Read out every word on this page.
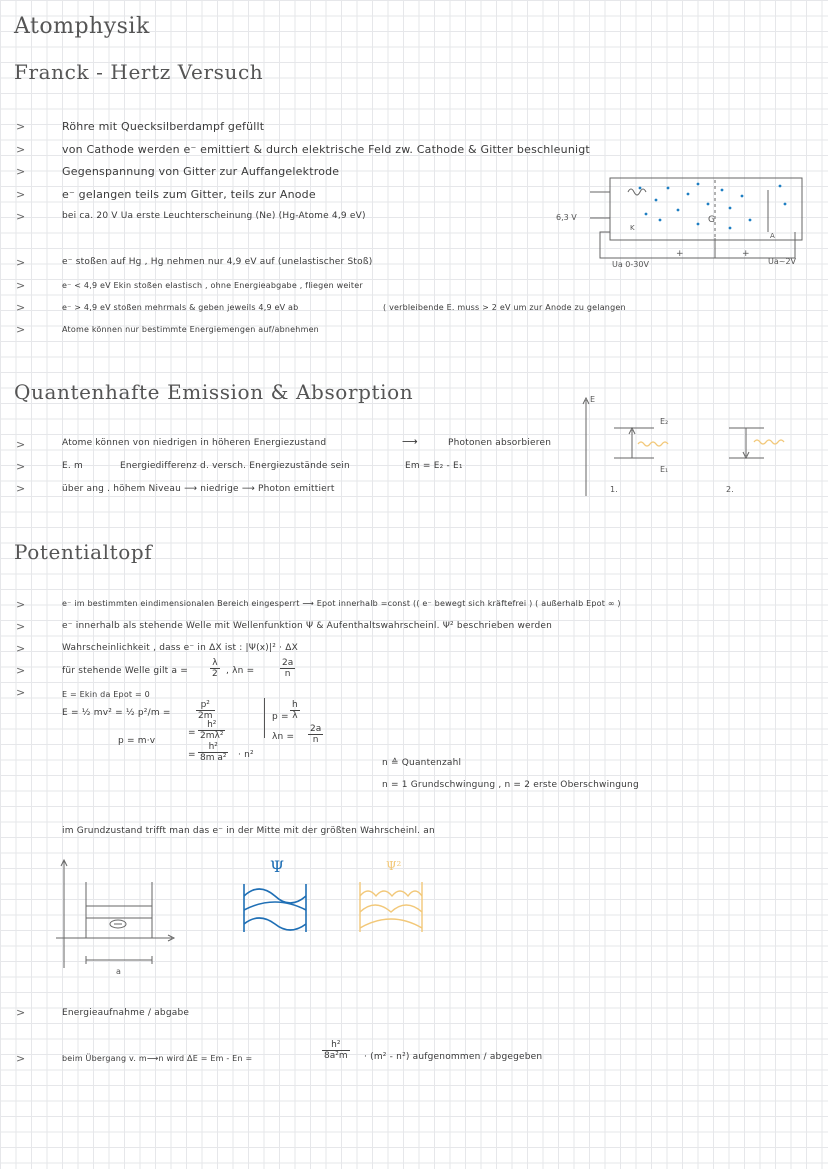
Atomphysik
Franck - Hertz Versuch
>
>
>
>
>
>
>
>
>
Röhre mit Quecksilberdampf gefüllt
von Cathode werden e⁻ emittiert & durch elektrische Feld zw. Cathode & Gitter beschleunigt
Gegenspannung von Gitter zur Auffangelektrode
e⁻ gelangen teils zum Gitter, teils zur Anode
bei ca. 20 V Ua erste Leuchterscheinung (Ne) (Hg-Atome 4,9 eV)
e⁻ stoßen auf Hg , Hg nehmen nur 4,9 eV auf (unelastischer Stoß)
e⁻ < 4,9 eV Ekin stoßen elastisch , ohne Energieabgabe , fliegen weiter
e⁻ > 4,9 eV stoßen mehrmals & geben jeweils 4,9 eV ab	( verbleibende E. muss > 2 eV um zur Anode zu gelangen
Atome können nur bestimmte Energiemengen auf/abnehmen
6,3 V
K
G
A
Ua 0-30V
+	+
Ua~2V
Quantenhafte Emission & Absorption
>
>
>
Atome können von niedrigen in höheren Energiezustand	⟶	Photonen absorbieren
E. m	Energiedifferenz d. versch. Energiezustände sein	Em = E₂ - E₁
über ang . höhem Niveau ⟶ niedrige ⟶ Photon emittiert
E
E₂
E₁
1.	2.
Potentialtopf
>
>
>
>
>
e⁻ im bestimmten eindimensionalen Bereich eingesperrt ⟶ Epot innerhalb =const (( e⁻ bewegt sich kräftefrei ) ( außerhalb Epot ∞ )
e⁻ innerhalb als stehende Welle mit Wellenfunktion Ψ & Aufenthaltswahrscheinl. Ψ² beschrieben werden
Wahrscheinlichkeit , dass e⁻ in ΔX ist : |Ψ(x)|² · ΔX
für stehende Welle gilt $a = \frac{\lambda}{2}$ , λn =	$\frac{2a}{n}$
E = Ekin da Epot = 0
E = ½ mv² = ½ p²/m =	$\frac{\text{p²}}{2m}$
p = m·v
= $\frac{\text{h²}}{\text{2mλ²}}$
= $\frac{\text{h²}}{\text{8m a²}} \cdot n^2$
$p = \frac{h}{\lambda}$
$\lambda n = \frac{2a}{n}$
n ≙ Quantenzahl
n = 1 Grundschwingung , n = 2 erste Oberschwingung
im Grundzustand trifft man das e⁻ in der Mitte mit der größten Wahrscheinl. an
a
Ψ	Ψ²
>	Energieaufnahme / abgabe
>	beim Übergang v. m⟶n wird ΔE = Em - En =	$\frac{\text{h²}}{\text{8a²m}} \cdot (m^2 - n^2)$ aufgenommen / abgegeben
